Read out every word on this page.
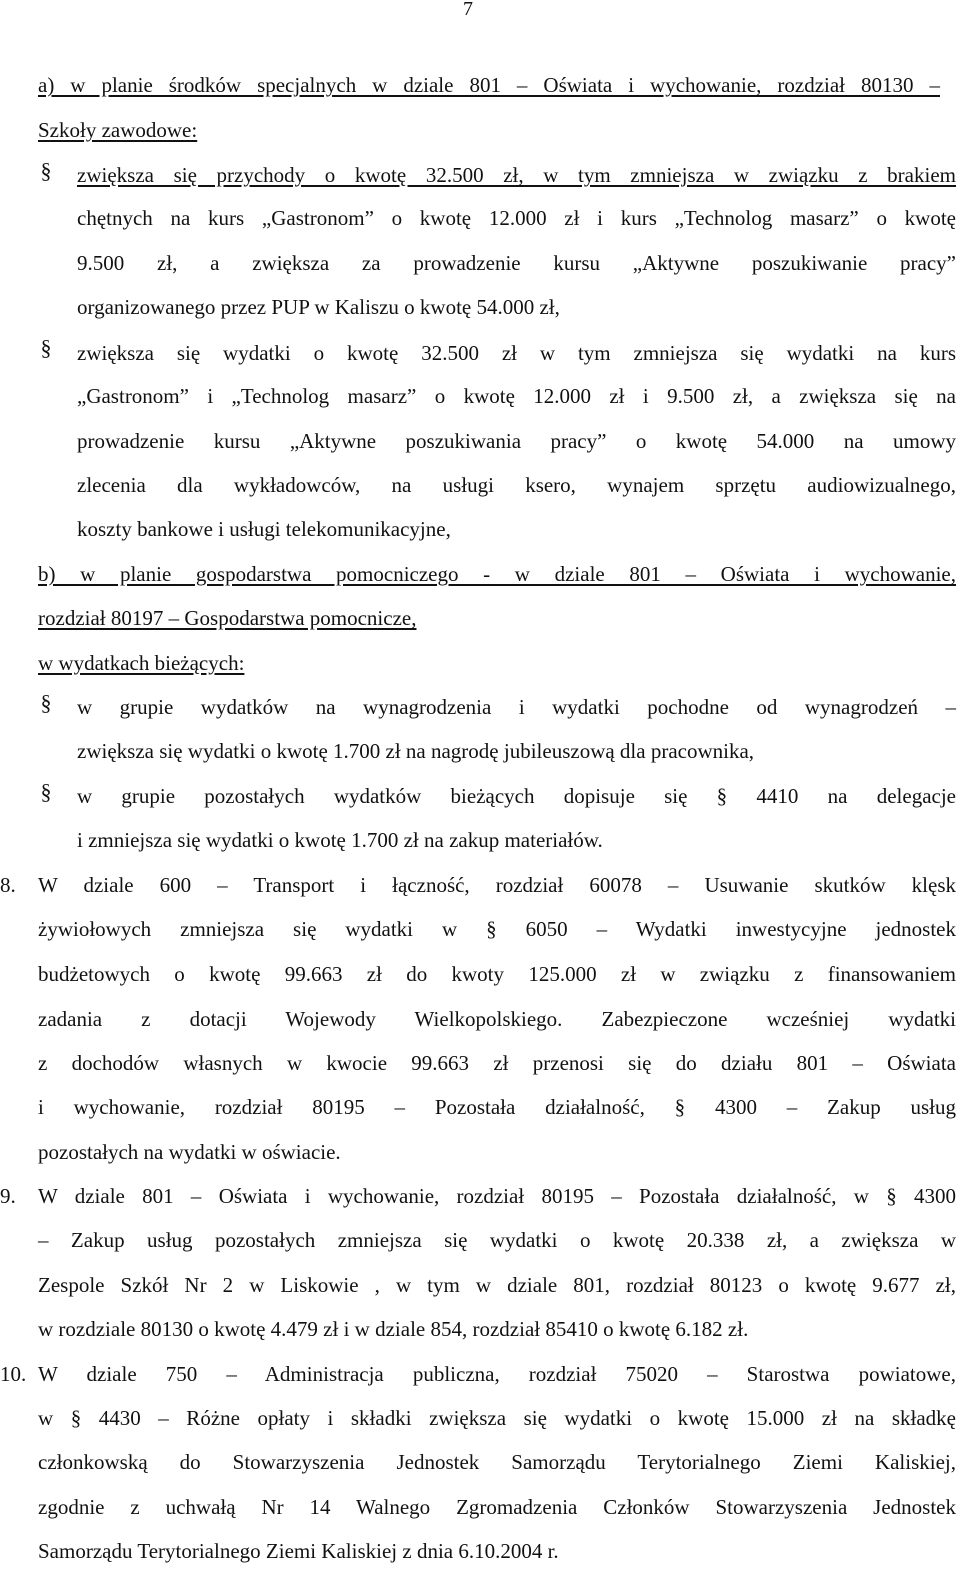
7
a) w planie środków specjalnych w dziale 801 – Oświata i wychowanie, rozdział 80130 –
Szkoły zawodowe:
§ zwiększa się przychody o kwotę 32.500 zł, w tym zmniejsza w związku z brakiem
chętnych na kurs „Gastronom” o kwotę 12.000 zł i kurs „Technolog masarz” o kwotę
9.500 zł, a zwiększa za prowadzenie kursu „Aktywne poszukiwanie pracy”
organizowanego przez PUP w Kaliszu o kwotę 54.000 zł,
§ zwiększa się wydatki o kwotę 32.500 zł w tym zmniejsza się wydatki na kurs
„Gastronom” i „Technolog masarz” o kwotę 12.000 zł i 9.500 zł, a zwiększa się na
prowadzenie kursu „Aktywne poszukiwania pracy” o kwotę 54.000 na umowy
zlecenia dla wykładowców, na usługi ksero, wynajem sprzętu audiowizualnego,
koszty bankowe i usługi telekomunikacyjne,
b) w planie gospodarstwa pomocniczego - w dziale 801 – Oświata i wychowanie,
rozdział 80197 – Gospodarstwa pomocnicze,
w wydatkach bieżących:
§ w grupie wydatków na wynagrodzenia i wydatki pochodne od wynagrodzeń –
zwiększa się wydatki o kwotę 1.700 zł na nagrodę jubileuszową dla pracownika,
§ w grupie pozostałych wydatków bieżących dopisuje się § 4410 na delegacje
i zmniejsza się wydatki o kwotę 1.700 zł na zakup materiałów.
8.	W dziale 600 – Transport i łączność, rozdział 60078 – Usuwanie skutków klęsk
żywiołowych zmniejsza się wydatki w § 6050 – Wydatki inwestycyjne jednostek
budżetowych o kwotę 99.663 zł do kwoty 125.000 zł w związku z finansowaniem
zadania z dotacji Wojewody Wielkopolskiego. Zabezpieczone wcześniej wydatki
z dochodów własnych w kwocie 99.663 zł przenosi się do działu 801 – Oświata
i wychowanie, rozdział 80195 – Pozostała działalność, § 4300 – Zakup usług
pozostałych na wydatki w oświacie.
9.	W dziale 801 – Oświata i wychowanie, rozdział 80195 – Pozostała działalność, w § 4300
– Zakup usług pozostałych zmniejsza się wydatki o kwotę 20.338 zł, a zwiększa w
Zespole Szkół Nr 2 w Liskowie , w tym w dziale 801, rozdział 80123 o kwotę 9.677 zł,
w rozdziale 80130 o kwotę 4.479 zł i w dziale 854, rozdział 85410 o kwotę 6.182 zł.
10. W dziale 750 – Administracja publiczna, rozdział 75020 – Starostwa powiatowe,
w § 4430 – Różne opłaty i składki zwiększa się wydatki o kwotę 15.000 zł na składkę
członkowską do Stowarzyszenia Jednostek Samorządu Terytorialnego Ziemi Kaliskiej,
zgodnie z uchwałą Nr 14 Walnego Zgromadzenia Członków Stowarzyszenia Jednostek
Samorządu Terytorialnego Ziemi Kaliskiej z dnia 6.10.2004 r.
